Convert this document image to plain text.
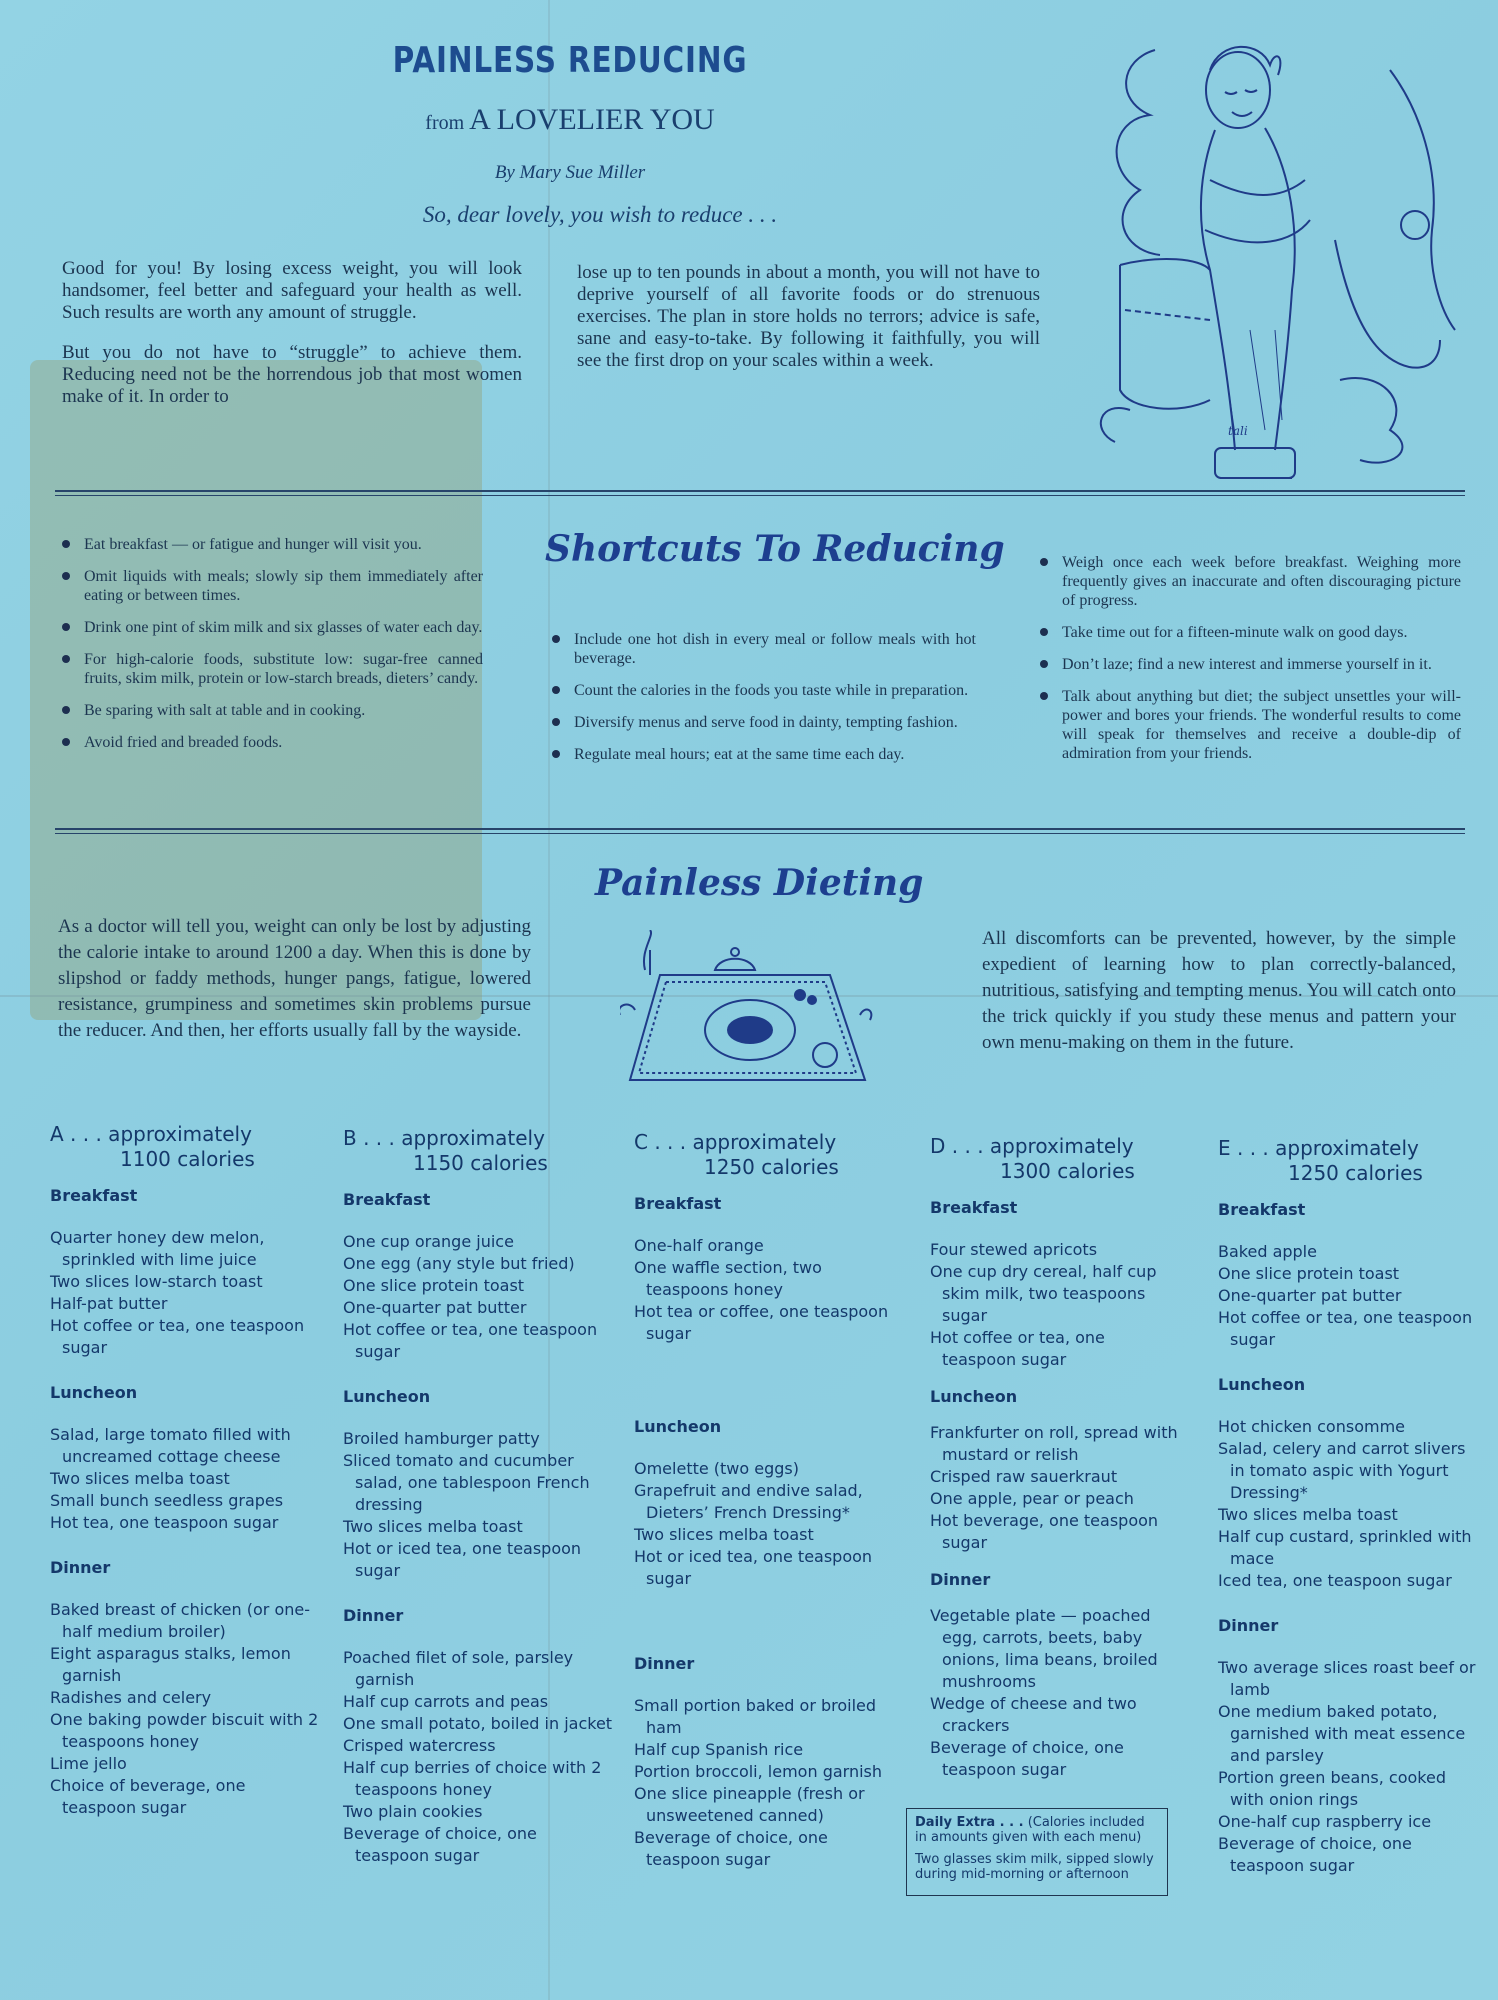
PAINLESS REDUCING
from A LOVELIER YOU
By Mary Sue Miller
So, dear lovely, you wish to reduce . . .

Good for you! By losing excess weight, you will look handsomer, feel better and safeguard your health as well. Such results are worth any amount of struggle.

But you do not have to “struggle” to achieve them. Reducing need not be the horrendous job that most women make of it. In order to

lose up to ten pounds in about a month, you will not have to deprive yourself of all favorite foods or do strenuous exercises. The plan in store holds no terrors; advice is safe, sane and easy-to-take. By following it faithfully, you will see the first drop on your scales within a week.

tali
Shortcuts To Reducing
Eat breakfast — or fatigue and hunger will visit you.
Omit liquids with meals; slowly sip them immediately after eating or between times.
Drink one pint of skim milk and six glasses of water each day.
For high-calorie foods, substitute low: sugar-free canned fruits, skim milk, protein or low-starch breads, dieters’ candy.
Be sparing with salt at table and in cooking.
Avoid fried and breaded foods.
Include one hot dish in every meal or follow meals with hot beverage.
Count the calories in the foods you taste while in preparation.
Diversify menus and serve food in dainty, tempting fashion.
Regulate meal hours; eat at the same time each day.
Weigh once each week before breakfast. Weighing more frequently gives an inaccurate and often discouraging picture of progress.
Take time out for a fifteen-minute walk on good days.
Don’t laze; find a new interest and immerse yourself in it.
Talk about anything but diet; the subject unsettles your will-power and bores your friends. The wonderful results to come will speak for themselves and receive a double-dip of admiration from your friends.
Painless Dieting
As a doctor will tell you, weight can only be lost by adjusting the calorie intake to around 1200 a day. When this is done by slipshod or faddy methods, hunger pangs, fatigue, lowered resistance, grumpiness and sometimes skin problems pursue the reducer. And then, her efforts usually fall by the wayside.
All discomforts can be prevented, however, by the simple expedient of learning how to plan correctly-balanced, nutritious, satisfying and tempting menus. You will catch onto the trick quickly if you study these menus and pattern your own menu-making on them in the future.
A . . . approximately
1100 calories
Breakfast
Quarter honey dew melon, sprinkled with lime juice
Two slices low-starch toast
Half-pat butter
Hot coffee or tea, one teaspoon sugar
Luncheon
Salad, large tomato filled with uncreamed cottage cheese
Two slices melba toast
Small bunch seedless grapes
Hot tea, one teaspoon sugar
Dinner
Baked breast of chicken (or one-half medium broiler)
Eight asparagus stalks, lemon garnish
Radishes and celery
One baking powder biscuit with 2 teaspoons honey
Lime jello
Choice of beverage, one teaspoon sugar
B . . . approximately
1150 calories
Breakfast
One cup orange juice
One egg (any style but fried)
One slice protein toast
One-quarter pat butter
Hot coffee or tea, one teaspoon sugar
Luncheon
Broiled hamburger patty
Sliced tomato and cucumber salad, one tablespoon French dressing
Two slices melba toast
Hot or iced tea, one teaspoon sugar
Dinner
Poached filet of sole, parsley garnish
Half cup carrots and peas
One small potato, boiled in jacket
Crisped watercress
Half cup berries of choice with 2 teaspoons honey
Two plain cookies
Beverage of choice, one teaspoon sugar
C . . . approximately
1250 calories
Breakfast
One-half orange
One waffle section, two teaspoons honey
Hot tea or coffee, one teaspoon sugar
Luncheon
Omelette (two eggs)
Grapefruit and endive salad, Dieters’ French Dressing*
Two slices melba toast
Hot or iced tea, one teaspoon sugar
Dinner
Small portion baked or broiled ham
Half cup Spanish rice
Portion broccoli, lemon garnish
One slice pineapple (fresh or unsweetened canned)
Beverage of choice, one teaspoon sugar
D . . . approximately
1300 calories
Breakfast
Four stewed apricots
One cup dry cereal, half cup skim milk, two teaspoons sugar
Hot coffee or tea, one teaspoon sugar
Luncheon
Frankfurter on roll, spread with mustard or relish
Crisped raw sauerkraut
One apple, pear or peach
Hot beverage, one teaspoon sugar
Dinner
Vegetable plate — poached egg, carrots, beets, baby onions, lima beans, broiled mushrooms
Wedge of cheese and two crackers
Beverage of choice, one teaspoon sugar

Daily Extra . . . (Calories included in amounts given with each menu)

Two glasses skim milk, sipped slowly during mid-morning or afternoon

E . . . approximately
1250 calories
Breakfast
Baked apple
One slice protein toast
One-quarter pat butter
Hot coffee or tea, one teaspoon sugar
Luncheon
Hot chicken consomme
Salad, celery and carrot slivers in tomato aspic with Yogurt Dressing*
Two slices melba toast
Half cup custard, sprinkled with mace
Iced tea, one teaspoon sugar
Dinner
Two average slices roast beef or lamb
One medium baked potato, garnished with meat essence and parsley
Portion green beans, cooked with onion rings
One-half cup raspberry ice
Beverage of choice, one teaspoon sugar
